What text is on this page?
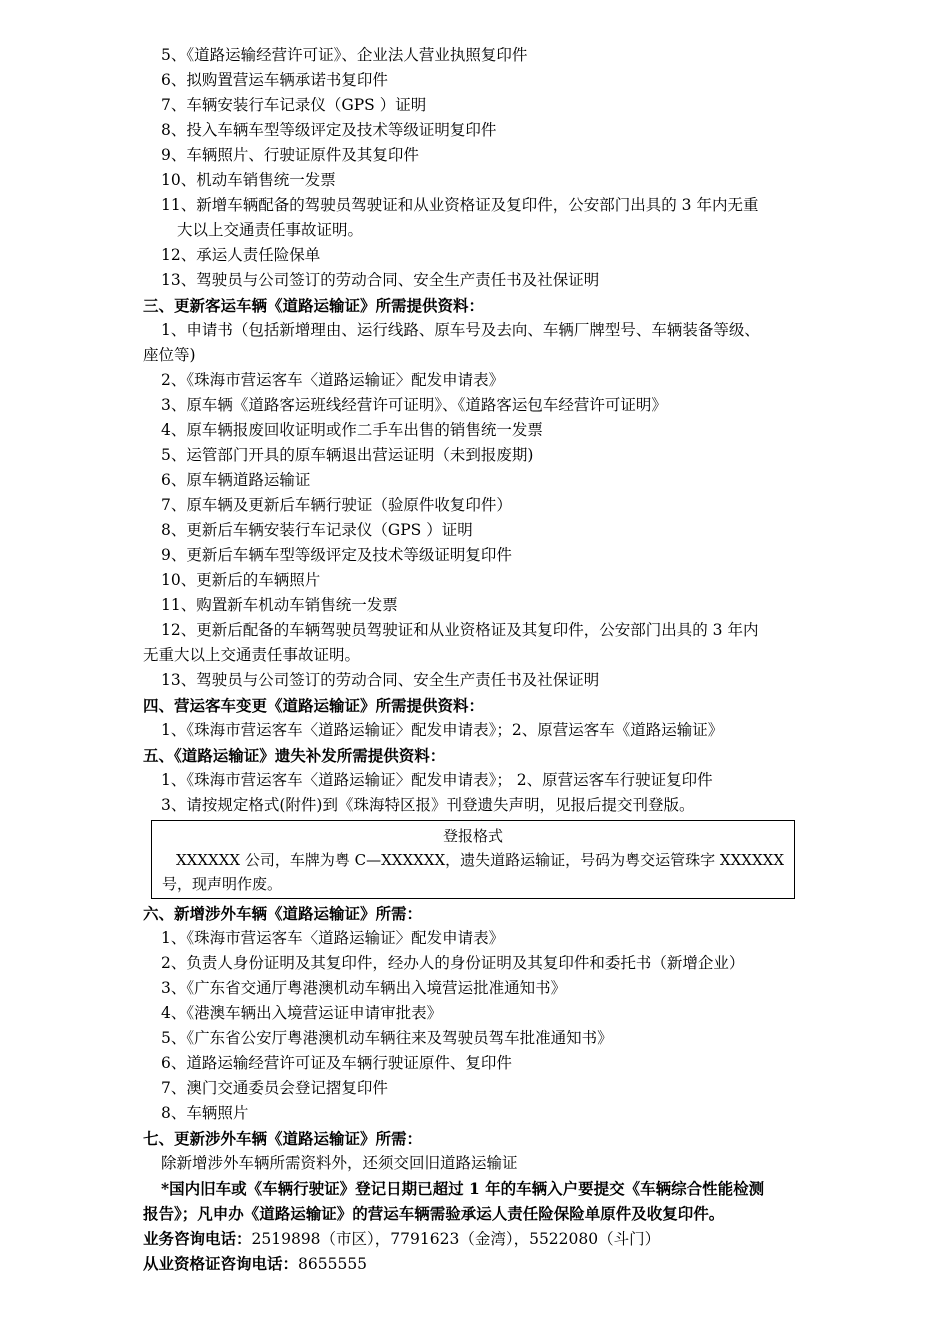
5、《道路运输经营许可证》、企业法人营业执照复印件
6、拟购置营运车辆承诺书复印件
7、车辆安装行车记录仪（GPS ）证明
8、投入车辆车型等级评定及技术等级证明复印件
9、车辆照片、行驶证原件及其复印件
10、机动车销售统一发票
11、新增车辆配备的驾驶员驾驶证和从业资格证及复印件，公安部门出具的 3 年内无重
大以上交通责任事故证明。
12、承运人责任险保单
13、驾驶员与公司签订的劳动合同、安全生产责任书及社保证明
三、更新客运车辆《道路运输证》所需提供资料：
1、申请书（包括新增理由、运行线路、原车号及去向、车辆厂牌型号、车辆装备等级、
座位等)
2、《珠海市营运客车〈道路运输证〉配发申请表》
3、原车辆《道路客运班线经营许可证明》、《道路客运包车经营许可证明》
4、原车辆报废回收证明或作二手车出售的销售统一发票
5、运管部门开具的原车辆退出营运证明（未到报废期)
6、原车辆道路运输证
7、原车辆及更新后车辆行驶证（验原件收复印件）
8、更新后车辆安装行车记录仪（GPS ）证明
9、更新后车辆车型等级评定及技术等级证明复印件
10、更新后的车辆照片
11、购置新车机动车销售统一发票
12、更新后配备的车辆驾驶员驾驶证和从业资格证及其复印件，公安部门出具的 3 年内
无重大以上交通责任事故证明。
13、驾驶员与公司签订的劳动合同、安全生产责任书及社保证明
四、营运客车变更《道路运输证》所需提供资料：
1、《珠海市营运客车〈道路运输证〉配发申请表》；2、原营运客车《道路运输证》
五、《道路运输证》遗失补发所需提供资料：
1、《珠海市营运客车〈道路运输证〉配发申请表》； 2、原营运客车行驶证复印件
3、请按规定格式(附件)到《珠海特区报》刊登遗失声明，见报后提交刊登版。
登报格式
XXXXXX 公司，车牌为粤 C—XXXXXX，遗失道路运输证，号码为粤交运管珠字 XXXXXX
号，现声明作废。
六、新增涉外车辆《道路运输证》所需：
1、《珠海市营运客车〈道路运输证〉配发申请表》
2、负责人身份证明及其复印件，经办人的身份证明及其复印件和委托书（新增企业）
3、《广东省交通厅粤港澳机动车辆出入境营运批准通知书》
4、《港澳车辆出入境营运证申请审批表》
5、《广东省公安厅粤港澳机动车辆往来及驾驶员驾车批准通知书》
6、道路运输经营许可证及车辆行驶证原件、复印件
7、澳门交通委员会登记摺复印件
8、车辆照片
七、更新涉外车辆《道路运输证》所需：
除新增涉外车辆所需资料外，还须交回旧道路运输证
*国内旧车或《车辆行驶证》登记日期已超过 1 年的车辆入户要提交《车辆综合性能检测
报告》；凡申办《道路运输证》的营运车辆需验承运人责任险保险单原件及收复印件。
业务咨询电话：2519898（市区），7791623（金湾），5522080（斗门）
从业资格证咨询电话：8655555
